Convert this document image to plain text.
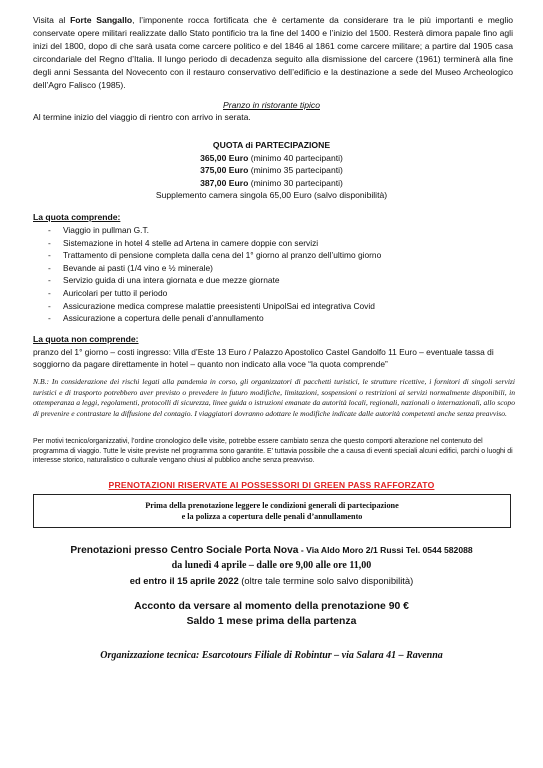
Visita al Forte Sangallo, l’imponente rocca fortificata che è certamente da considerare tra le più importanti e meglio conservate opere militari realizzate dallo Stato pontificio tra la fine del 1400 e l’inizio del 1500. Resterà dimora papale fino agli inizi del 1800, dopo di che sarà usata come carcere politico e del 1846 al 1861 come carcere militare; a partire dal 1905 casa circondariale del Regno d’Italia. Il lungo periodo di decadenza seguito alla dismissione del carcere (1961) terminerà alla fine degli anni Sessanta del Novecento con il restauro conservativo dell’edificio e la destinazione a sede del Museo Archeologico dell’Agro Falisco (1985).

Pranzo in ristorante tipico
Al termine inizio del viaggio di rientro con arrivo in serata.
QUOTA di PARTECIPAZIONE
365,00 Euro (minimo 40 partecipanti)
375,00 Euro (minimo 35 partecipanti)
387,00 Euro (minimo 30 partecipanti)
Supplemento camera singola 65,00 Euro (salvo disponibilità)
La quota comprende:
- Viaggio in pullman G.T.
- Sistemazione in hotel 4 stelle ad Artena in camere doppie con servizi
- Trattamento di pensione completa dalla cena del 1° giorno al pranzo dell’ultimo giorno
- Bevande ai pasti (1/4 vino e ½ minerale)
- Servizio guida di una intera giornata e due mezze giornate
- Auricolari per tutto il periodo
- Assicurazione medica comprese malattie preesistenti UnipolSai ed integrativa Covid
- Assicurazione a copertura delle penali d’annullamento
La quota non comprende:

pranzo del 1° giorno – costi ingresso: Villa d’Este 13 Euro / Palazzo Apostolico Castel Gandolfo 11 Euro – eventuale tassa di soggiorno da pagare direttamente in hotel – quanto non indicato alla voce “la quota comprende”

N.B.: In considerazione dei rischi legati alla pandemia in corso, gli organizzatori di pacchetti turistici, le strutture ricettive, i fornitori di singoli servizi turistici e di trasporto potrebbero aver previsto o prevedere in futuro modifiche, limitazioni, sospensioni o restrizioni ai servizi normalmente disponibili, in ottemperanza a leggi, regolamenti, protocolli di sicurezza, linee guida o istruzioni emanate da autorità locali, regionali, nazionali o internazionali, allo scopo di prevenire e contrastare la diffusione del contagio. I viaggiatori dovranno adottare le modifiche indicate dalle autorità competenti anche senza preavviso.

Per motivi tecnico/organizzativi, l’ordine cronologico delle visite, potrebbe essere cambiato senza che questo comporti alterazione nel contenuto del programma di viaggio. Tutte le visite previste nel programma sono garantite. E’ tuttavia possibile che a causa di eventi speciali alcuni edifici, parchi o luoghi di interesse storico, naturalistico o culturale vengano chiusi al pubblico anche senza preavviso.

PRENOTAZIONI RISERVATE AI POSSESSORI DI GREEN PASS RAFFORZATO
Prima della prenotazione leggere le condizioni generali di partecipazione
e la polizza a copertura delle penali d’annullamento
Prenotazioni presso Centro Sociale Porta Nova - Via Aldo Moro 2/1 Russi Tel. 0544 582088
da lunedì 4 aprile – dalle ore 9,00 alle ore 11,00
ed entro il 15 aprile 2022 (oltre tale termine solo salvo disponibilità)
Acconto da versare al momento della prenotazione 90 €
Saldo 1 mese prima della partenza
Organizzazione tecnica: Esarcotours Filiale di Robintur – via Salara 41 – Ravenna
